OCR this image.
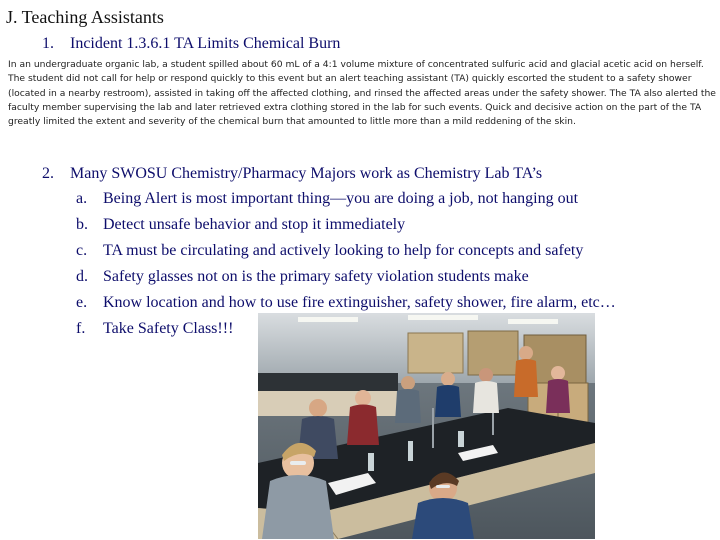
J. Teaching Assistants
1. Incident 1.3.6.1 TA Limits Chemical Burn
In an undergraduate organic lab, a student spilled about 60 mL of a 4:1 volume mixture of concentrated sulfuric acid and glacial acetic acid on herself. The student did not call for help or respond quickly to this event but an alert teaching assistant (TA) quickly escorted the student to a safety shower (located in a nearby restroom), assisted in taking off the affected clothing, and rinsed the affected areas under the safety shower. The TA also alerted the faculty member supervising the lab and later retrieved extra clothing stored in the lab for such events. Quick and decisive action on the part of the TA greatly limited the extent and severity of the chemical burn that amounted to little more than a mild reddening of the skin.
2. Many SWOSU Chemistry/Pharmacy Majors work as Chemistry Lab TA’s
a. Being Alert is most important thing—you are doing a job, not hanging out
b. Detect unsafe behavior and stop it immediately
c. TA must be circulating and actively looking to help for concepts and safety
d. Safety glasses not on is the primary safety violation students make
e. Know location and how to use fire extinguisher, safety shower, fire alarm, etc…
f. Take Safety Class!!!
